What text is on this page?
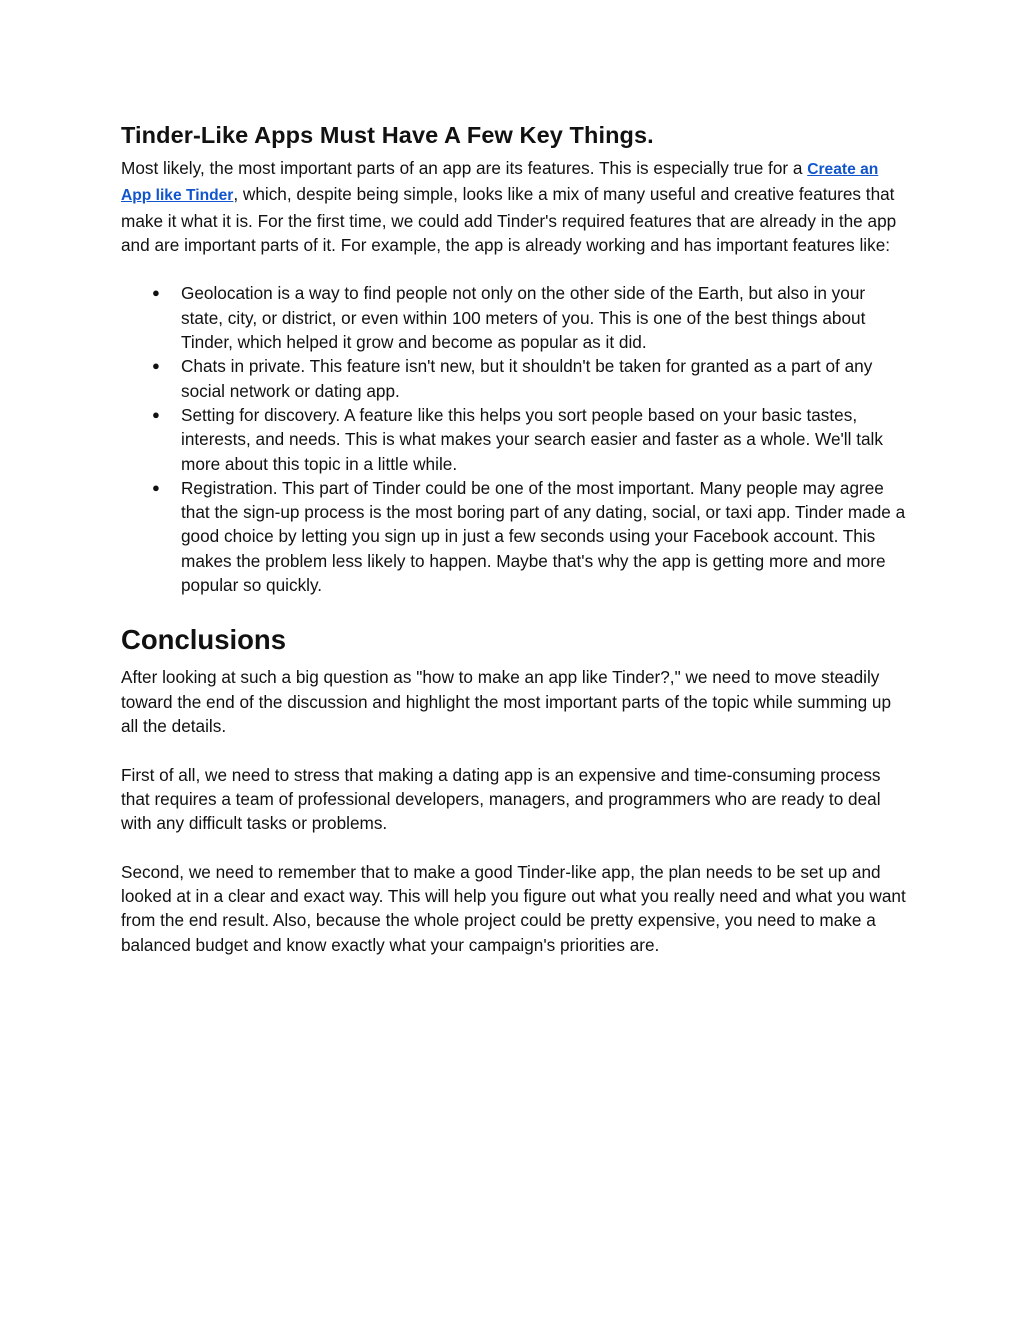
Tinder-Like Apps Must Have A Few Key Things.

Most likely, the most important parts of an app are its features. This is especially true for a Create an App like Tinder, which, despite being simple, looks like a mix of many useful and creative features that make it what it is. For the first time, we could add Tinder's required features that are already in the app and are important parts of it. For example, the app is already working and has important features like:

● Geolocation is a way to find people not only on the other side of the Earth, but also in your state, city, or district, or even within 100 meters of you. This is one of the best things about Tinder, which helped it grow and become as popular as it did.
● Chats in private. This feature isn't new, but it shouldn't be taken for granted as a part of any social network or dating app.
● Setting for discovery. A feature like this helps you sort people based on your basic tastes, interests, and needs. This is what makes your search easier and faster as a whole. We'll talk more about this topic in a little while.
● Registration. This part of Tinder could be one of the most important. Many people may agree that the sign-up process is the most boring part of any dating, social, or taxi app. Tinder made a good choice by letting you sign up in just a few seconds using your Facebook account. This makes the problem less likely to happen. Maybe that's why the app is getting more and more popular so quickly.
Conclusions

After looking at such a big question as "how to make an app like Tinder?," we need to move steadily toward the end of the discussion and highlight the most important parts of the topic while summing up all the details.

First of all, we need to stress that making a dating app is an expensive and time-consuming process that requires a team of professional developers, managers, and programmers who are ready to deal with any difficult tasks or problems.

Second, we need to remember that to make a good Tinder-like app, the plan needs to be set up and looked at in a clear and exact way. This will help you figure out what you really need and what you want from the end result. Also, because the whole project could be pretty expensive, you need to make a balanced budget and know exactly what your campaign's priorities are.
